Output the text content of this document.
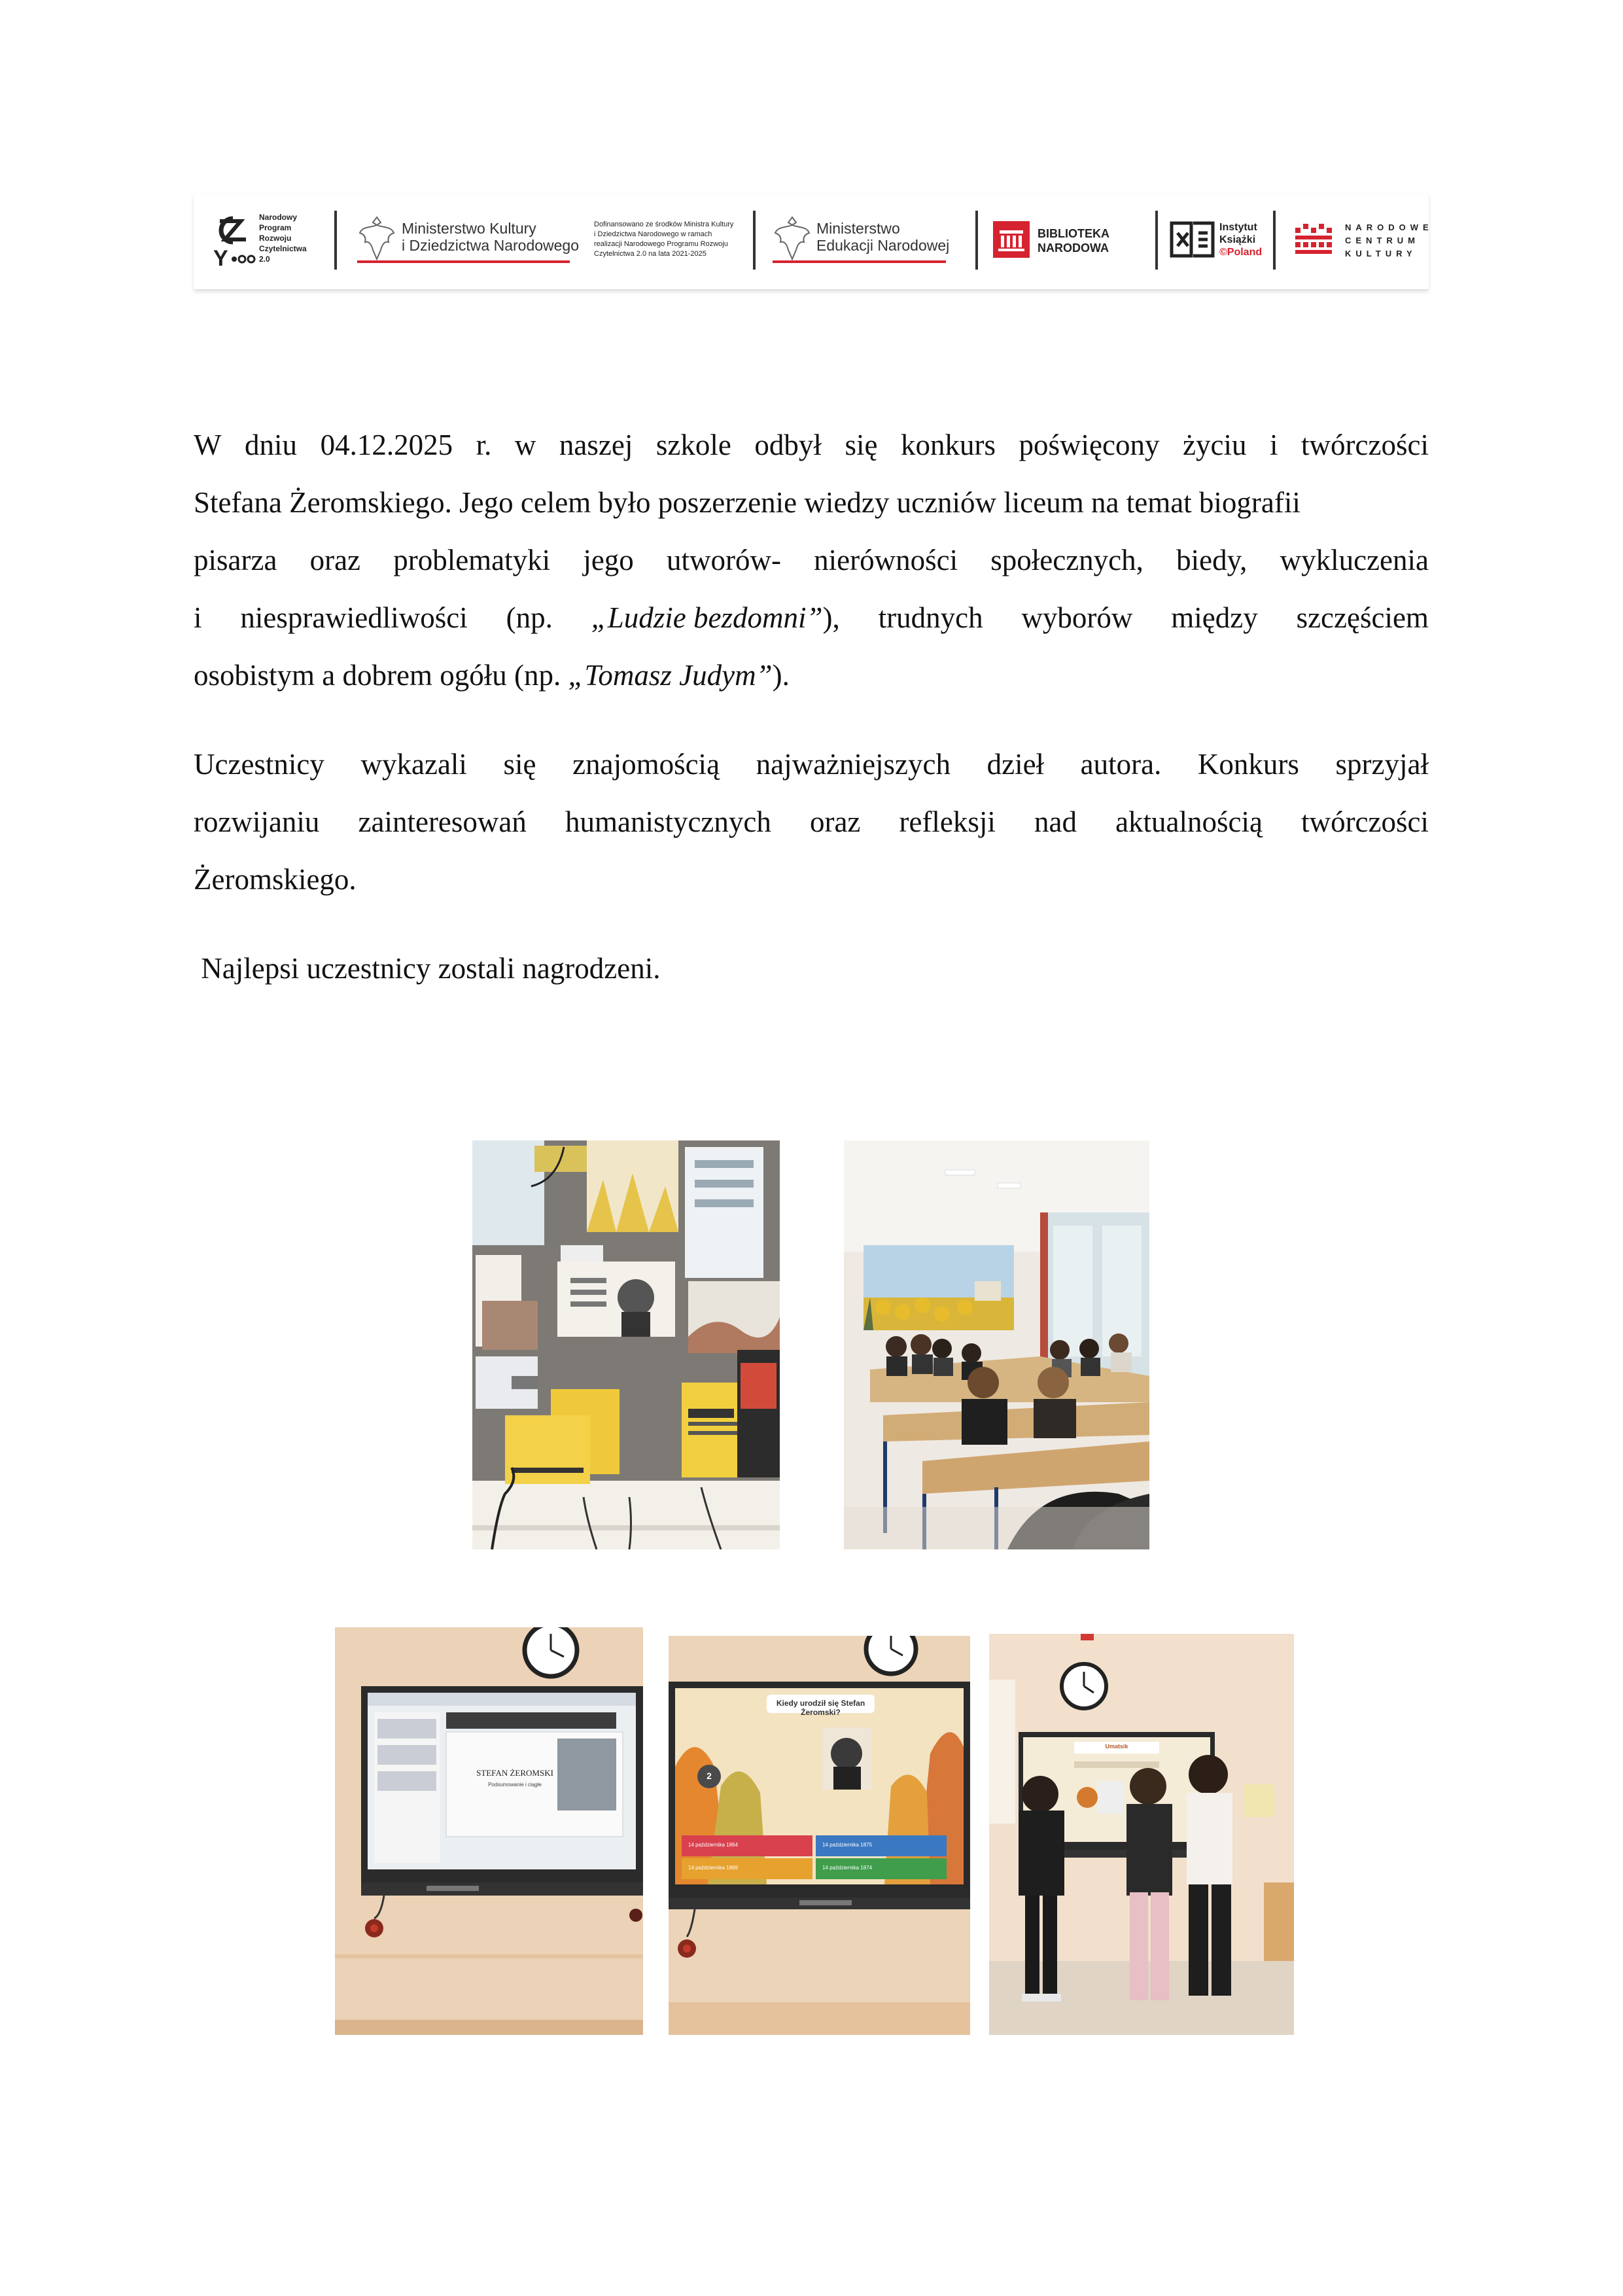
Y
Narodowy
Program
Rozwoju
Czytelnictwa
2.0
Ministerstwo Kultury
i Dziedzictwa Narodowego
Dofinansowano ze środków Ministra Kultury
i Dziedzictwa Narodowego w ramach
realizacji Narodowego Programu Rozwoju
Czytelnictwa 2.0 na lata 2021-2025
Ministerstwo
Edukacji Narodowej
BIBLIOTEKA
NARODOWA
Instytut
Książki
©Poland
NARODOWE
CENTRUM
KULTURY
W dniu 04.12.2025 r. w naszej szkole odbył się konkurs poświęcony życiu i twórczości
Stefana Żeromskiego. Jego celem było poszerzenie wiedzy uczniów liceum na temat biografii
pisarza oraz problematyki jego utworów- nierówności społecznych, biedy, wykluczenia
i niesprawiedliwości (np. „Ludzie bezdomni”), trudnych wyborów między szczęściem
osobistym a dobrem ogółu (np. „Tomasz Judym”).
Uczestnicy wykazali się znajomością najważniejszych dzieł autora. Konkurs sprzyjał
rozwijaniu zainteresowań humanistycznych oraz refleksji nad aktualnością twórczości
Żeromskiego.
Najlepsi uczestnicy zostali nagrodzeni.
STEFAN ŻEROMSKI
Podsumowanie i ciągłe
Kiedy urodził się Stefan Żeromski?
2
14 października 1864	14 października 1875
14 października 1869	14 października 1874
Umatsik
